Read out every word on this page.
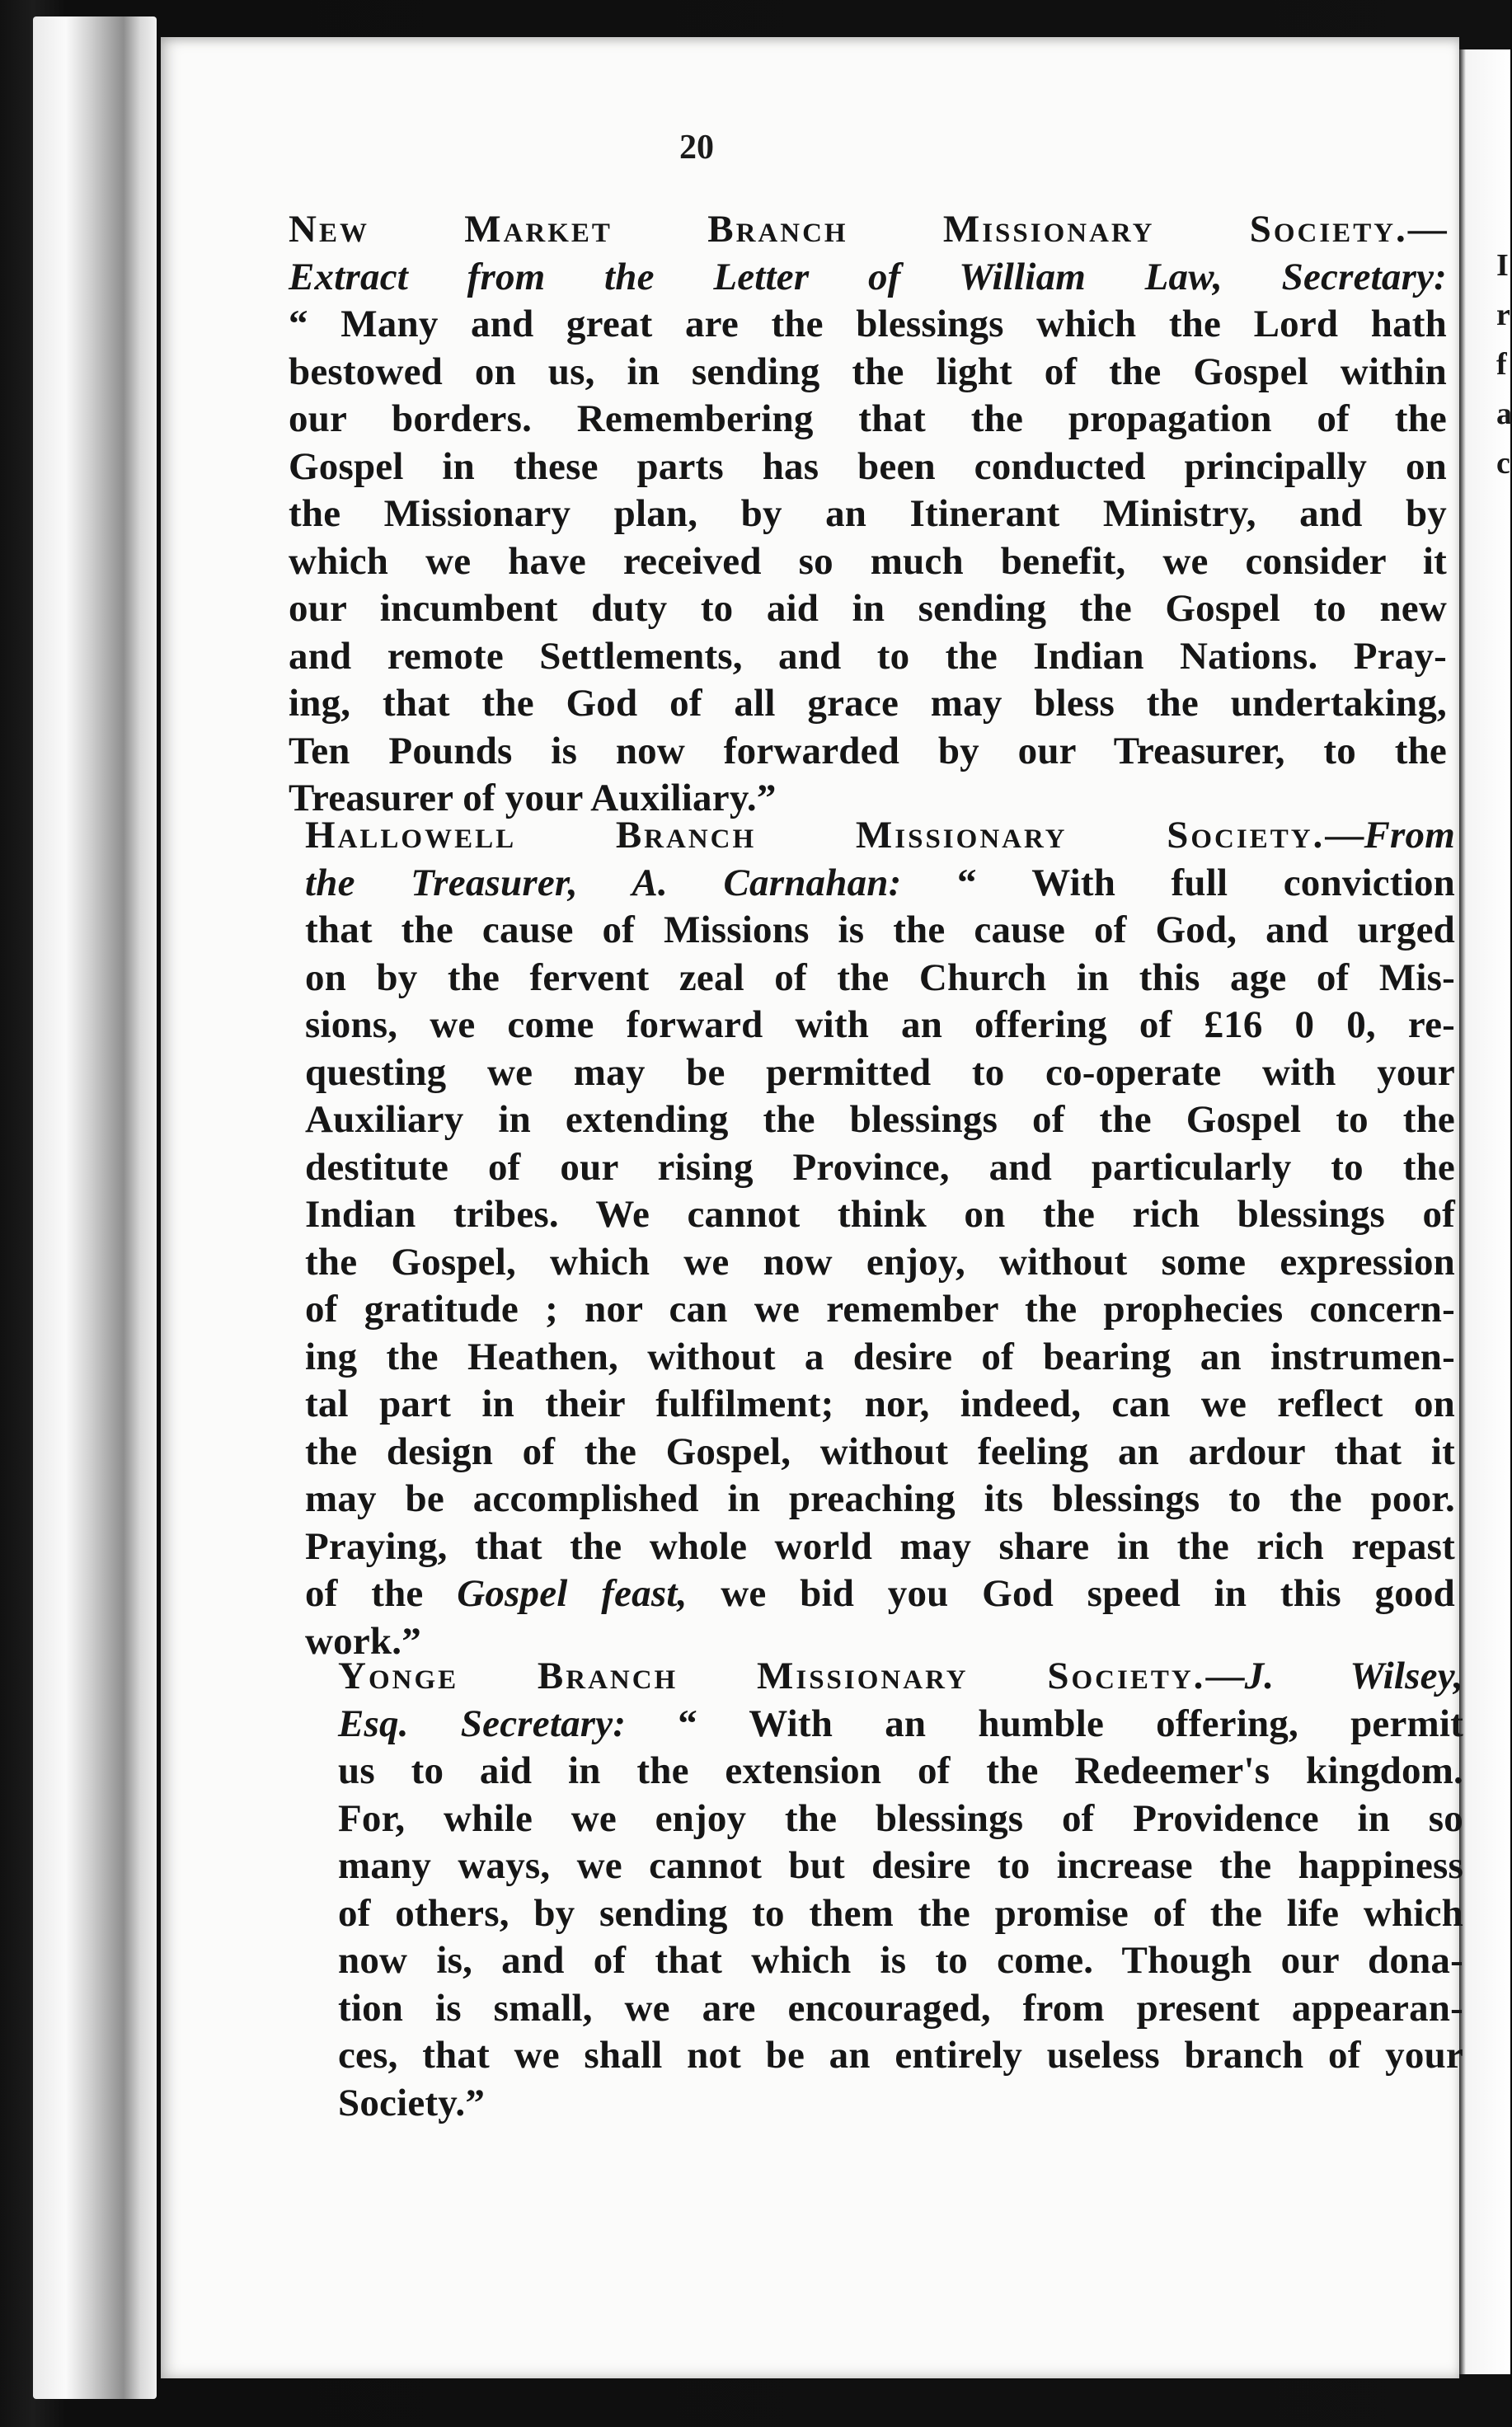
20
New Market Branch Missionary Society.—
Extract from the Letter of William Law, Secretary:
“ Many and great are the blessings which the Lord hath
bestowed on us, in sending the light of the Gospel within
our borders. Remembering that the propagation of the
Gospel in these parts has been conducted principally on
the Missionary plan, by an Itinerant Ministry, and by
which we have received so much benefit, we consider it
our incumbent duty to aid in sending the Gospel to new
and remote Settlements, and to the Indian Nations. Pray-
ing, that the God of all grace may bless the undertaking,
Ten Pounds is now forwarded by our Treasurer, to the
Treasurer of your Auxiliary.”
Hallowell Branch Missionary Society.—From
the Treasurer, A. Carnahan: “ With full conviction
that the cause of Missions is the cause of God, and urged
on by the fervent zeal of the Church in this age of Mis-
sions, we come forward with an offering of £16 0 0, re-
questing we may be permitted to co-operate with your
Auxiliary in extending the blessings of the Gospel to the
destitute of our rising Province, and particularly to the
Indian tribes. We cannot think on the rich blessings of
the Gospel, which we now enjoy, without some expression
of gratitude ; nor can we remember the prophecies concern-
ing the Heathen, without a desire of bearing an instrumen-
tal part in their fulfilment; nor, indeed, can we reflect on
the design of the Gospel, without feeling an ardour that it
may be accomplished in preaching its blessings to the poor.
Praying, that the whole world may share in the rich repast
of the Gospel feast, we bid you God speed in this good
work.”
Yonge Branch Missionary Society.—J. Wilsey,
Esq. Secretary: “ With an humble offering, permit
us to aid in the extension of the Redeemer's kingdom.
For, while we enjoy the blessings of Providence in so
many ways, we cannot but desire to increase the happiness
of others, by sending to them the promise of the life which
now is, and of that which is to come. Though our dona-
tion is small, we are encouraged, from present appearan-
ces, that we shall not be an entirely useless branch of your
Society.”
I
r
f
a
c
